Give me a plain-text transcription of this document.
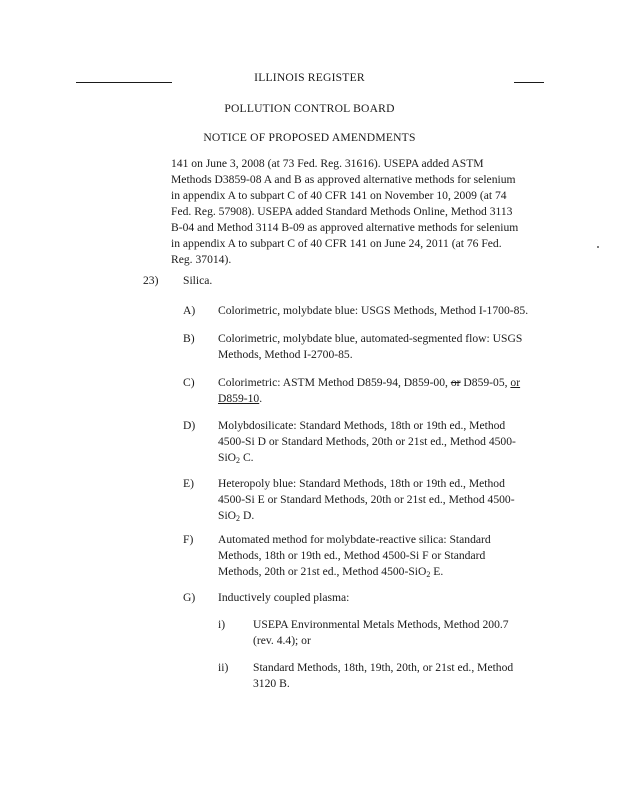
ILLINOIS REGISTER
POLLUTION CONTROL BOARD
NOTICE OF PROPOSED AMENDMENTS
141 on June 3, 2008 (at 73 Fed. Reg. 31616). USEPA added ASTM
Methods D3859-08 A and B as approved alternative methods for selenium
in appendix A to subpart C of 40 CFR 141 on November 10, 2009 (at 74
Fed. Reg. 57908). USEPA added Standard Methods Online, Method 3113
B-04 and Method 3114 B-09 as approved alternative methods for selenium
in appendix A to subpart C of 40 CFR 141 on June 24, 2011 (at 76 Fed.
Reg. 37014).
23) Silica.
A) Colorimetric, molybdate blue: USGS Methods, Method I-1700-85.
B) Colorimetric, molybdate blue, automated-segmented flow: USGS
Methods, Method I-2700-85.
C) Colorimetric: ASTM Method D859-94, D859-00, or D859-05, or
D859-10.
D) Molybdosilicate: Standard Methods, 18th or 19th ed., Method
4500-Si D or Standard Methods, 20th or 21st ed., Method 4500-
SiO$_2$ C.
E) Heteropoly blue: Standard Methods, 18th or 19th ed., Method
4500-Si E or Standard Methods, 20th or 21st ed., Method 4500-
SiO$_2$ D.
F) Automated method for molybdate-reactive silica: Standard
Methods, 18th or 19th ed., Method 4500-Si F or Standard
Methods, 20th or 21st ed., Method 4500-SiO$_2$ E.
G) Inductively coupled plasma:
i) USEPA Environmental Metals Methods, Method 200.7
(rev. 4.4); or
ii) Standard Methods, 18th, 19th, 20th, or 21st ed., Method
3120 B.
